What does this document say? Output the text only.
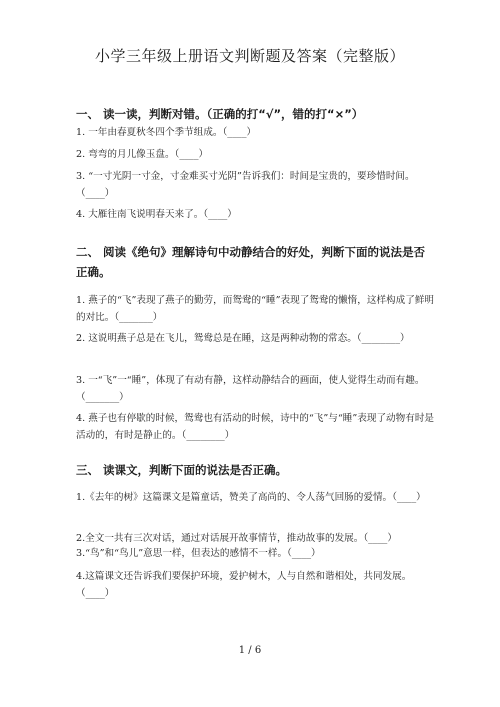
小学三年级上册语文判断题及答案（完整版）
一、 读一读，判断对错。（正确的打“√”，错的打“×”）
1. 一年由春夏秋冬四个季节组成。（____）
2. 弯弯的月儿像玉盘。（____）
3. “一寸光阴一寸金，寸金难买寸光阴”告诉我们：时间是宝贵的，要珍惜时间。（____）
4. 大雁往南飞说明春天来了。（____）
二、 阅读《绝句》理解诗句中动静结合的好处，判断下面的说法是否正确。
1. 燕子的“飞”表现了燕子的勤劳，而鸳鸯的“睡”表现了鸳鸯的懒惰，这样构成了鲜明的对比。（_______）
2. 这说明燕子总是在飞儿，鸳鸯总是在睡，这是两种动物的常态。（________）
3. 一“飞”一“睡”，体现了有动有静，这样动静结合的画面，使人觉得生动而有趣。（_______）
4. 燕子也有停歇的时候，鸳鸯也有活动的时候，诗中的“飞”与“睡”表现了动物有时是活动的，有时是静止的。（________）
三、 读课文，判断下面的说法是否正确。
1.《去年的树》这篇课文是篇童话，赞美了高尚的、令人荡气回肠的爱情。（____）
2.全文一共有三次对话，通过对话展开故事情节，推动故事的发展。（____）
3.“鸟”和“鸟儿”意思一样，但表达的感情不一样。（____）
4.这篇课文还告诉我们要保护环境，爱护树木，人与自然和谐相处，共同发展。 （____）
1 / 6
